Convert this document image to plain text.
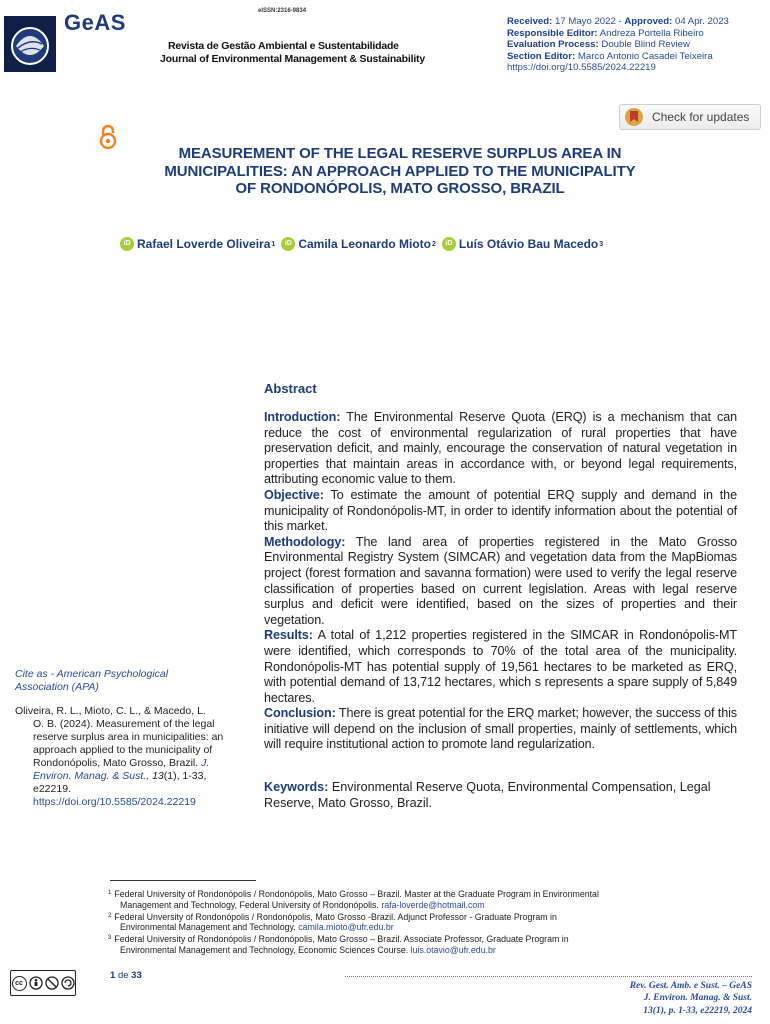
eISSN:2316-9834
GeAS
Revista de Gestão Ambiental e Sustentabilidade
Journal of Environmental Management & Sustainability
Received: 17 Mayo 2022 - Approved: 04 Apr. 2023
Responsible Editor: Andreza Portella Ribeiro
Evaluation Process: Double Blind Review
Section Editor: Marco Antonio Casadei Teixeira
https://doi.org/10.5585/2024.22219
Check for updates
MEASUREMENT OF THE LEGAL RESERVE SURPLUS AREA IN
MUNICIPALITIES: AN APPROACH APPLIED TO THE MUNICIPALITY
OF RONDONÓPOLIS, MATO GROSSO, BRAZIL
iD Rafael Loverde Oliveira 1	iD Camila Leonardo Mioto 2	iD Luís Otávio Bau Macedo 3
Abstract

Introduction: The Environmental Reserve Quota (ERQ) is a mechanism that can reduce the cost of environmental regularization of rural properties that have preservation deficit, and mainly, encourage the conservation of natural vegetation in properties that maintain areas in accordance with, or beyond legal requirements, attributing economic value to them.

Objective: To estimate the amount of potential ERQ supply and demand in the municipality of Rondonópolis-MT, in order to identify information about the potential of this market.

Methodology: The land area of properties registered in the Mato Grosso Environmental Registry System (SIMCAR) and vegetation data from the MapBiomas project (forest formation and savanna formation) were used to verify the legal reserve classification of properties based on current legislation. Areas with legal reserve surplus and deficit were identified, based on the sizes of properties and their vegetation.

Results: A total of 1,212 properties registered in the SIMCAR in Rondonópolis-MT were identified, which corresponds to 70% of the total area of the municipality. Rondonópolis-MT has potential supply of 19,561 hectares to be marketed as ERQ, with potential demand of 13,712 hectares, which s represents a spare supply of 5,849 hectares.

Conclusion: There is great potential for the ERQ market; however, the success of this initiative will depend on the inclusion of small properties, mainly of settlements, which will require institutional action to promote land regularization.

Keywords: Environmental Reserve Quota, Environmental Compensation, Legal Reserve, Mato Grosso, Brazil.
Cite as - American Psychological Association (APA)
Oliveira, R. L., Mioto, C. L., & Macedo, L.
O. B. (2024). Measurement of the legal reserve surplus area in municipalities: an approach applied to the municipality of Rondonópolis, Mato Grosso, Brazil. J. Environ. Manag. & Sust., 13(1), 1-33, e22219. https://doi.org/10.5585/2024.22219
$^1$ Federal University of Rondonópolis / Rondonópolis, Mato Grosso – Brazil. Master at the Graduate Program in Environmental
Management and Technology, Federal University of Rondonópolis. rafa-loverde@hotmail.com
$^2$ Federal Unversity of Rondonópolis / Rondonópolis, Mato Grosso -Brazil. Adjunct Professor - Graduate Program in
Environmental Management and Technology. camila.mioto@ufr.edu.br
$^3$ Federal University of Rondonópolis / Rondonópolis, Mato Grosso – Brazil. Associate Professor, Graduate Program in
Environmental Management and Technology, Economic Sciences Course. luis.otavio@ufr.edu.br
cc
1 de 33
Rev. Gest. Amb. e Sust. – GeAS
J. Environ. Manag. & Sust.
13(1), p. 1-33, e22219, 2024
